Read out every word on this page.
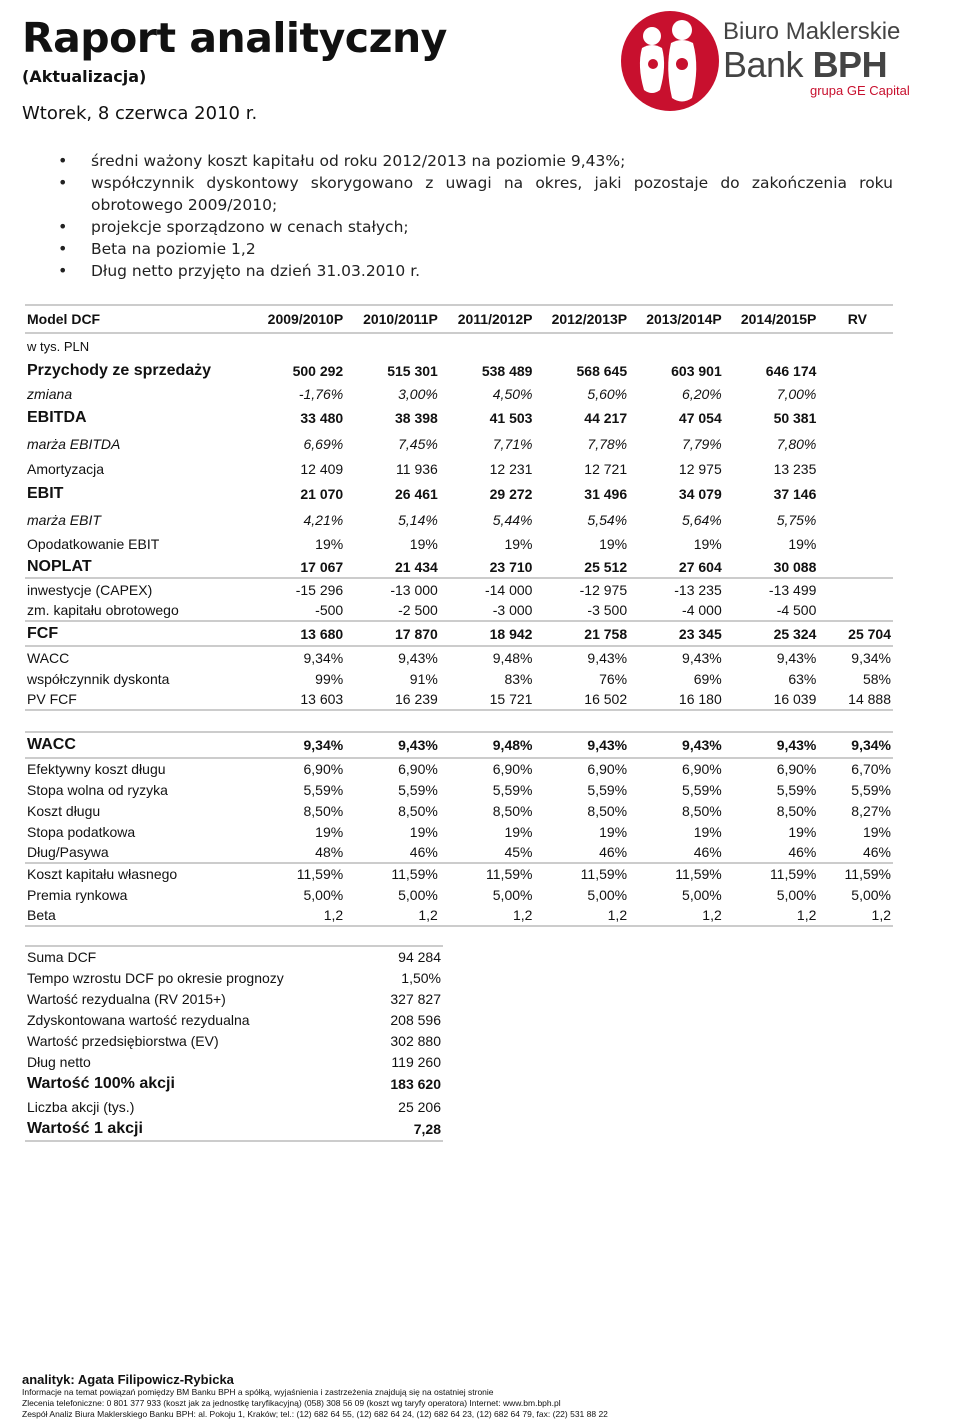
Raport analityczny
(Aktualizacja)
Wtorek, 8 czerwca 2010 r.
Biuro Maklerskie
Bank BPH
grupa GE Capital
• średni ważony koszt kapitału od roku 2012/2013 na poziomie 9,43%;
• współczynnik dyskontowy skorygowano z uwagi na okres, jaki pozostaje do zakończenia roku obrotowego 2009/2010;
• projekcje sporządzono w cenach stałych;
• Beta na poziomie 1,2
• Dług netto przyjęto na dzień 31.03.2010 r.
Model DCF	2009/2010P	2010/2011P	2011/2012P	2012/2013P	2013/2014P	2014/2015P	RV
w tys. PLN							
Przychody ze sprzedaży	500 292	515 301	538 489	568 645	603 901	646 174	
zmiana	-1,76%	3,00%	4,50%	5,60%	6,20%	7,00%	
EBITDA	33 480	38 398	41 503	44 217	47 054	50 381	
marża EBITDA	6,69%	7,45%	7,71%	7,78%	7,79%	7,80%	
Amortyzacja	12 409	11 936	12 231	12 721	12 975	13 235	
EBIT	21 070	26 461	29 272	31 496	34 079	37 146	
marża EBIT	4,21%	5,14%	5,44%	5,54%	5,64%	5,75%	
Opodatkowanie EBIT	19%	19%	19%	19%	19%	19%	
NOPLAT	17 067	21 434	23 710	25 512	27 604	30 088	
inwestycje (CAPEX)	-15 296	-13 000	-14 000	-12 975	-13 235	-13 499	
zm. kapitału obrotowego	-500	-2 500	-3 000	-3 500	-4 000	-4 500	
FCF	13 680	17 870	18 942	21 758	23 345	25 324	25 704
WACC	9,34%	9,43%	9,48%	9,43%	9,43%	9,43%	9,34%
współczynnik dyskonta	99%	91%	83%	76%	69%	63%	58%
PV FCF	13 603	16 239	15 721	16 502	16 180	16 039	14 888
WACC	9,34%	9,43%	9,48%	9,43%	9,43%	9,43%	9,34%
Efektywny koszt długu	6,90%	6,90%	6,90%	6,90%	6,90%	6,90%	6,70%
Stopa wolna od ryzyka	5,59%	5,59%	5,59%	5,59%	5,59%	5,59%	5,59%
Koszt długu	8,50%	8,50%	8,50%	8,50%	8,50%	8,50%	8,27%
Stopa podatkowa	19%	19%	19%	19%	19%	19%	19%
Dług/Pasywa	48%	46%	45%	46%	46%	46%	46%
Koszt kapitału własnego	11,59%	11,59%	11,59%	11,59%	11,59%	11,59%	11,59%
Premia rynkowa	5,00%	5,00%	5,00%	5,00%	5,00%	5,00%	5,00%
Beta	1,2	1,2	1,2	1,2	1,2	1,2	1,2
Suma DCF	94 284
Tempo wzrostu DCF po okresie prognozy	1,50%
Wartość rezydualna (RV 2015+)	327 827
Zdyskontowana wartość rezydualna	208 596
Wartość przedsiębiorstwa (EV)	302 880
Dług netto	119 260
Wartość 100% akcji	183 620
Liczba akcji (tys.)	25 206
Wartość 1 akcji	7,28
analityk: Agata Filipowicz-Rybicka
Informacje na temat powiązań pomiędzy BM Banku BPH a spółką, wyjaśnienia i zastrzeżenia znajdują się na ostatniej stronie
Zlecenia telefoniczne: 0 801 377 933 (koszt jak za jednostkę taryfikacyjną) (058) 308 56 09 (koszt wg taryfy operatora) Internet: www.bm.bph.pl
Zespół Analiz Biura Maklerskiego Banku BPH: al. Pokoju 1, Kraków; tel.: (12) 682 64 55, (12) 682 64 24, (12) 682 64 23, (12) 682 64 79, fax: (22) 531 88 22
